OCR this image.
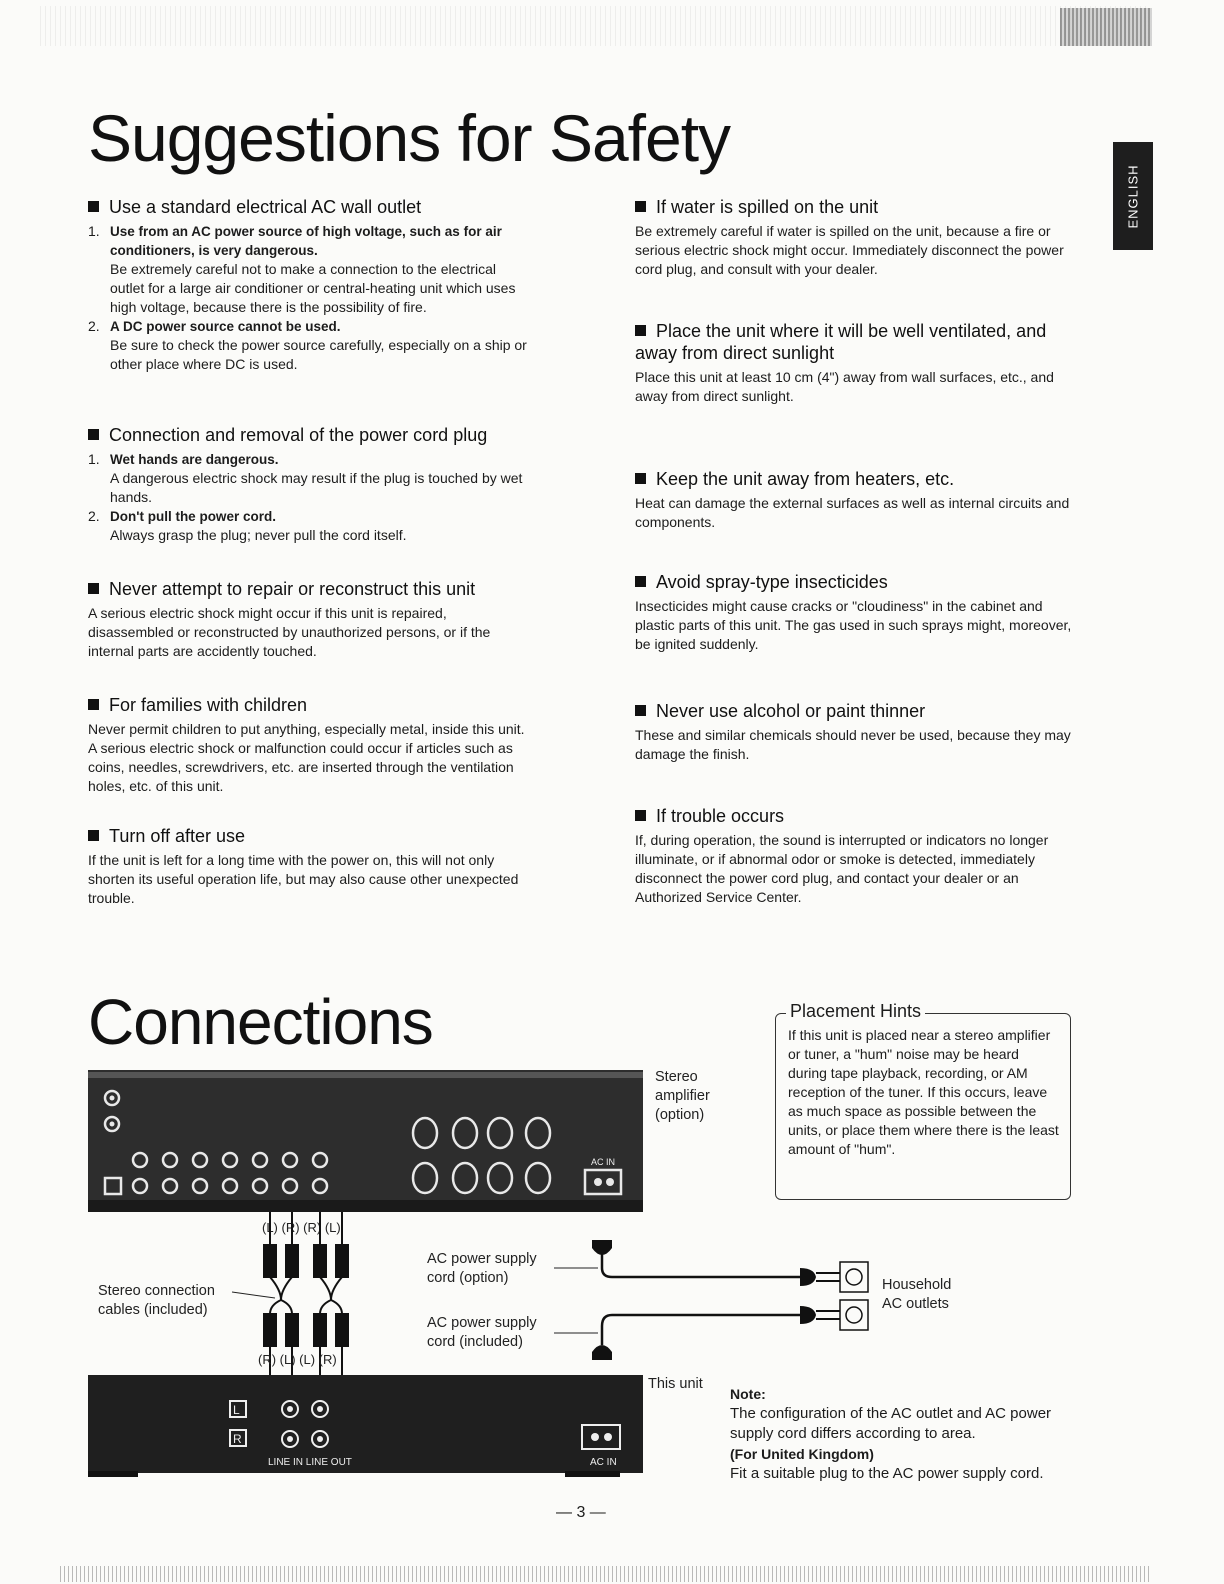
Suggestions for Safety
ENGLISH
Use a standard electrical AC wall outlet
1. Use from an AC power source of high voltage, such as for air conditioners, is very dangerous.
Be extremely careful not to make a connection to the electrical outlet for a large air conditioner or central-heating unit which uses high voltage, because there is the possibility of fire.
2. A DC power source cannot be used.
Be sure to check the power source carefully, especially on a ship or other place where DC is used.
Connection and removal of the power cord plug
1. Wet hands are dangerous.
A dangerous electric shock may result if the plug is touched by wet hands.
2. Don't pull the power cord.
Always grasp the plug; never pull the cord itself.
Never attempt to repair or reconstruct this unit

A serious electric shock might occur if this unit is repaired, disassembled or reconstructed by unauthorized persons, or if the internal parts are accidently touched.

For families with children

Never permit children to put anything, especially metal, inside this unit. A serious electric shock or malfunction could occur if articles such as coins, needles, screwdrivers, etc. are inserted through the ventilation holes, etc. of this unit.

Turn off after use

If the unit is left for a long time with the power on, this will not only shorten its useful operation life, but may also cause other unexpected trouble.

If water is spilled on the unit

Be extremely careful if water is spilled on the unit, because a fire or serious electric shock might occur. Immediately disconnect the power cord plug, and consult with your dealer.

Place the unit where it will be well ventilated, and away from direct sunlight

Place this unit at least 10 cm (4") away from wall surfaces, etc., and away from direct sunlight.

Keep the unit away from heaters, etc.

Heat can damage the external surfaces as well as internal circuits and components.

Avoid spray-type insecticides

Insecticides might cause cracks or "cloudiness" in the cabinet and plastic parts of this unit. The gas used in such sprays might, moreover, be ignited suddenly.

Never use alcohol or paint thinner

These and similar chemicals should never be used, because they may damage the finish.

If trouble occurs

If, during operation, the sound is interrupted or indicators no longer illuminate, or if abnormal odor or smoke is detected, immediately disconnect the power cord plug, and contact your dealer or an Authorized Service Center.

Connections	Placement Hints

If this unit is placed near a stereo amplifier or tuner, a "hum" noise may be heard during tape playback, recording, or AM reception of the tuner. If this occurs, leave as much space as possible between the units, or place them where there is the least amount of "hum".

AC IN
(L) (R) (R) (L)
(R) (L) (L) (R)
L
R
LINE IN LINE OUT	AC IN

Stereo amplifier (option)

Stereo connection cables (included)

AC power supply cord (option)

AC power supply cord (included)

Household AC outlets

This unit

Note:
The configuration of the AC outlet and AC power supply cord differs according to area.
(For United Kingdom)
Fit a suitable plug to the AC power supply cord.
— 3 —
